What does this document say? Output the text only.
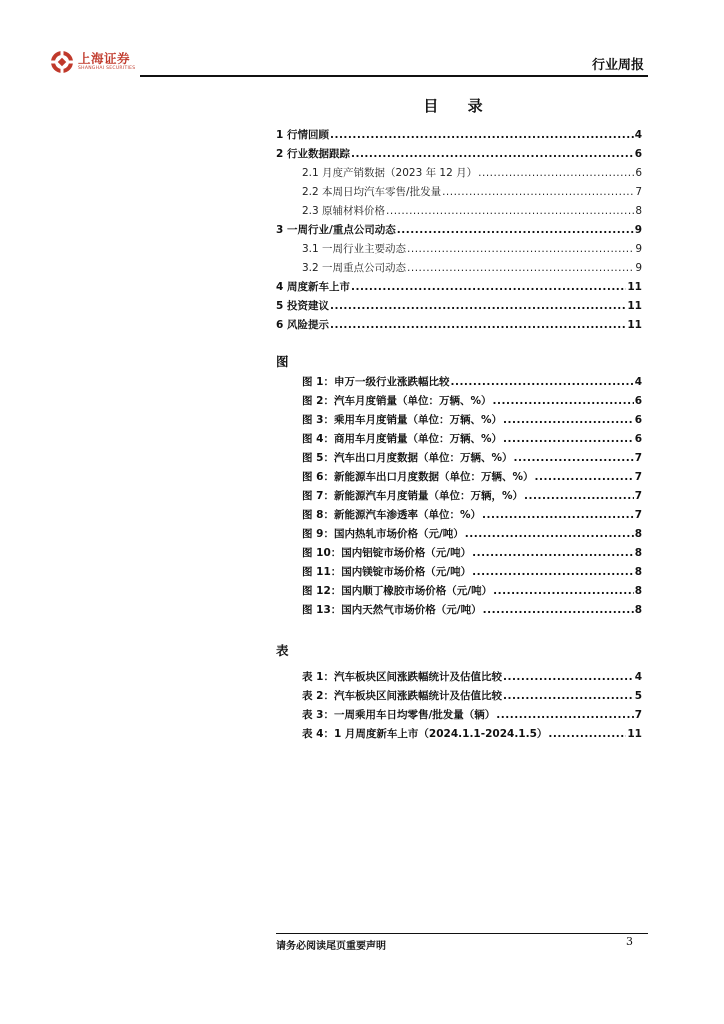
上海证券
SHANGHAI SECURITIES	行业周报
目 录
1 行情回顾 .....	4
2 行业数据跟踪 .....	6
2.1 月度产销数据（2023 年 12 月） .....	6
2.2 本周日均汽车零售/批发量 .....	7
2.3 原辅材料价格 .....	8
3 一周行业/重点公司动态 .....	9
3.1 一周行业主要动态 .....	9
3.2 一周重点公司动态 .....	9
4 周度新车上市 .....	11
5 投资建议 .....	11
6 风险提示 .....	11
图
图 1：申万一级行业涨跌幅比较 .....	4
图 2：汽车月度销量（单位：万辆、%） .....	6
图 3：乘用车月度销量（单位：万辆、%） .....	6
图 4：商用车月度销量（单位：万辆、%） .....	6
图 5：汽车出口月度数据（单位：万辆、%） .....	7
图 6：新能源车出口月度数据（单位：万辆、%） .....	7
图 7：新能源汽车月度销量（单位：万辆，%） .....	7
图 8：新能源汽车渗透率（单位：%） .....	7
图 9：国内热轧市场价格（元/吨） .....	8
图 10：国内铝锭市场价格（元/吨） .....	8
图 11：国内镁锭市场价格（元/吨） .....	8
图 12：国内顺丁橡胶市场价格（元/吨） .....	8
图 13：国内天然气市场价格（元/吨） .....	8
表
表 1：汽车板块区间涨跌幅统计及估值比较 .....	4
表 2：汽车板块区间涨跌幅统计及估值比较 .....	5
表 3：一周乘用车日均零售/批发量（辆） .....	7
表 4：1 月周度新车上市（2024.1.1-2024.1.5） .....	11
请务必阅读尾页重要声明	3
